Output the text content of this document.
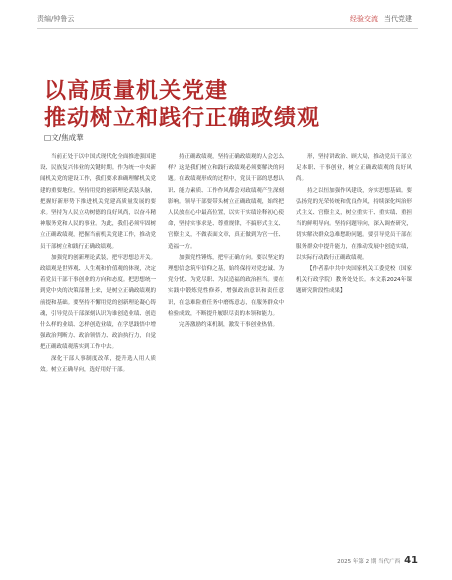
责编/钟鲁云	经验交流 当代党建
以高质量机关党建
推动树立和践行正确政绩观
□文/焦成華

当前正处于以中国式现代化全面推进强国建设、民族复兴伟业的关键时期。作为统一中央新闻机关党的建设工作，我们要求准确理解机关党建的重要地位，坚持用党的创新理论武装头脑，把握好新形势下推进机关党建高质量发展的要求。坚持为人民立功树德的良好风尚，以奋斗精神服务党和人民的事业。为此，我们必须牢固树立正确政绩观，把握当前机关党建工作，推动党员干部树立和践行正确政绩观。

加强党的创新理论武装，把牢思想总开关。政绩观是世界观、人生观和价值观的体现，决定着党员干部干事创业的方向和态度。把思想统一到党中央的决策部署上来，是树立正确政绩观的前提和基础。要坚持不懈用党的创新理论凝心铸魂，引导党员干部深刻认识为谁创造业绩、创造什么样的业绩、怎样创造业绩，在学思践悟中增强政治判断力、政治领悟力、政治执行力，自觉把正确政绩观落实到工作中去。

深化干部人事制度改革，提升选人用人质效。树立正确导向，选好用好干部。

持正确政绩观，坚持正确政绩观的人会怎么样？这是我们树立和践行政绩观必须要解决的问题。在政绩观形成的过程中，党员干部的思想认识、能力素质、工作作风都会对政绩观产生深刻影响。领导干部要带头树立正确政绩观，始终把人民放在心中最高位置，以实干实绩诠释初心使命，坚持实事求是、尊重规律，不搞形式主义、官僚主义，不做表面文章，真正做到为官一任、造福一方。

加强党性锤炼，把牢正确方向。要以坚定的理想信念筑牢信仰之基，始终保持对党忠诚、为党分忧、为党尽职、为民造福的政治担当。要在实践中锻炼党性修养，增强政治意识和责任意识，在急难险重任务中磨炼意志，在服务群众中检验成效，不断提升履职尽责的本领和能力。

完善激励约束机制，激发干事创业热情。

形，坚持讲政治、顾大局，推动党员干部立足本职、干事创业，树立正确政绩观的良好风尚。

持之以恒加强作风建设，夯实思想基础。要弘扬党的光荣传统和优良作风，持续深化纠治形式主义、官僚主义，树立重实干、重实绩、重担当的鲜明导向。坚持问题导向，深入调查研究，切实解决群众急难愁盼问题。要引导党员干部在服务群众中提升能力，在推动发展中创造实绩，以实际行动践行正确政绩观。

【作者系中共中央国家机关工委党校（国家机关行政学院）教务处处长。本文系2024年课题研究阶段性成果】

2025 年第 2 期 当代广西 41
